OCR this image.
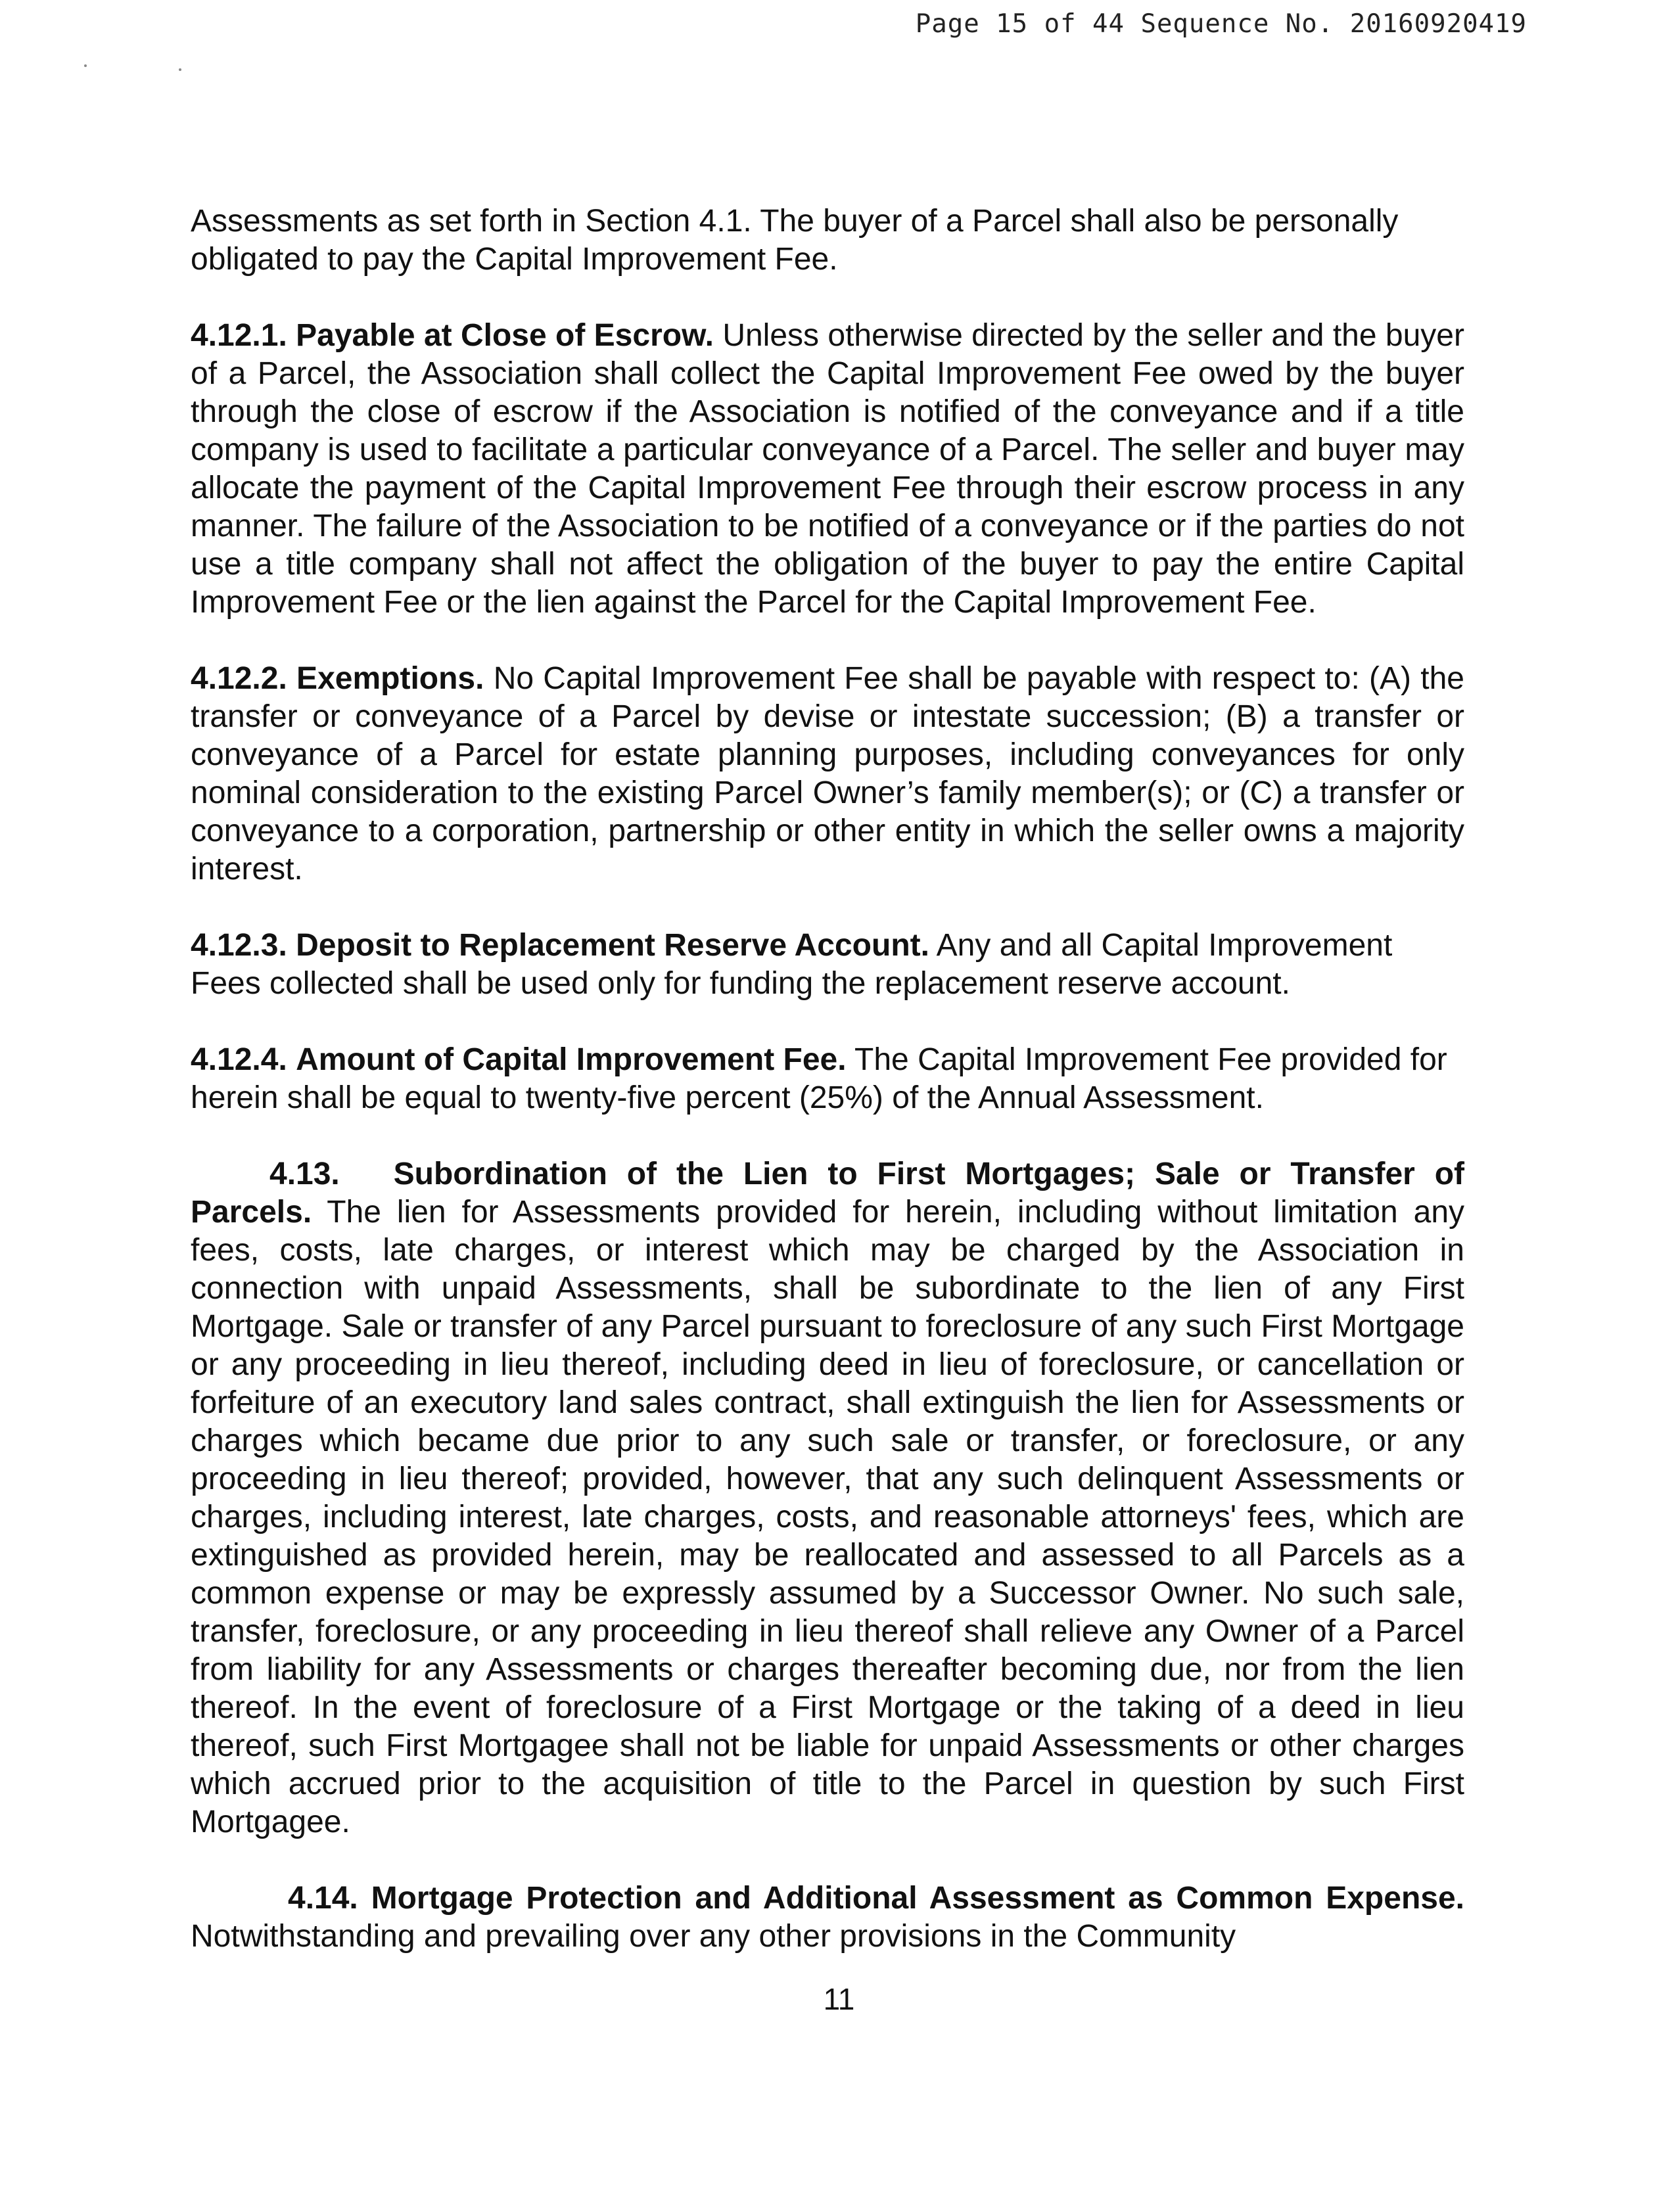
Page 15 of 44 Sequence No. 20160920419

Assessments as set forth in Section 4.1. The buyer of a Parcel shall also be personally obligated to pay the Capital Improvement Fee.

4.12.1. Payable at Close of Escrow. Unless otherwise directed by the seller and the buyer of a Parcel, the Association shall collect the Capital Improvement Fee owed by the buyer through the close of escrow if the Association is notified of the conveyance and if a title company is used to facilitate a particular conveyance of a Parcel. The seller and buyer may allocate the payment of the Capital Improvement Fee through their escrow process in any manner. The failure of the Association to be notified of a conveyance or if the parties do not use a title company shall not affect the obligation of the buyer to pay the entire Capital Improvement Fee or the lien against the Parcel for the Capital Improvement Fee.

4.12.2. Exemptions. No Capital Improvement Fee shall be payable with respect to: (A) the transfer or conveyance of a Parcel by devise or intestate succession; (B) a transfer or conveyance of a Parcel for estate planning purposes, including conveyances for only nominal consideration to the existing Parcel Owner’s family member(s); or (C) a transfer or conveyance to a corporation, partnership or other entity in which the seller owns a majority interest.

4.12.3. Deposit to Replacement Reserve Account. Any and all Capital Improvement Fees collected shall be used only for funding the replacement reserve account.

4.12.4. Amount of Capital Improvement Fee. The Capital Improvement Fee provided for herein shall be equal to twenty-five percent (25%) of the Annual Assessment.

4.13. Subordination of the Lien to First Mortgages; Sale or Transfer of Parcels. The lien for Assessments provided for herein, including without limitation any fees, costs, late charges, or interest which may be charged by the Association in connection with unpaid Assessments, shall be subordinate to the lien of any First Mortgage. Sale or transfer of any Parcel pursuant to foreclosure of any such First Mortgage or any proceeding in lieu thereof, including deed in lieu of foreclosure, or cancellation or forfeiture of an executory land sales contract, shall extinguish the lien for Assessments or charges which became due prior to any such sale or transfer, or foreclosure, or any proceeding in lieu thereof; provided, however, that any such delinquent Assessments or charges, including interest, late charges, costs, and reasonable attorneys' fees, which are extinguished as provided herein, may be reallocated and assessed to all Parcels as a common expense or may be expressly assumed by a Successor Owner. No such sale, transfer, foreclosure, or any proceeding in lieu thereof shall relieve any Owner of a Parcel from liability for any Assessments or charges thereafter becoming due, nor from the lien thereof. In the event of foreclosure of a First Mortgage or the taking of a deed in lieu thereof, such First Mortgagee shall not be liable for unpaid Assessments or other charges which accrued prior to the acquisition of title to the Parcel in question by such First Mortgagee.

4.14. Mortgage Protection and Additional Assessment as Common Expense. Notwithstanding and prevailing over any other provisions in the Community

11
